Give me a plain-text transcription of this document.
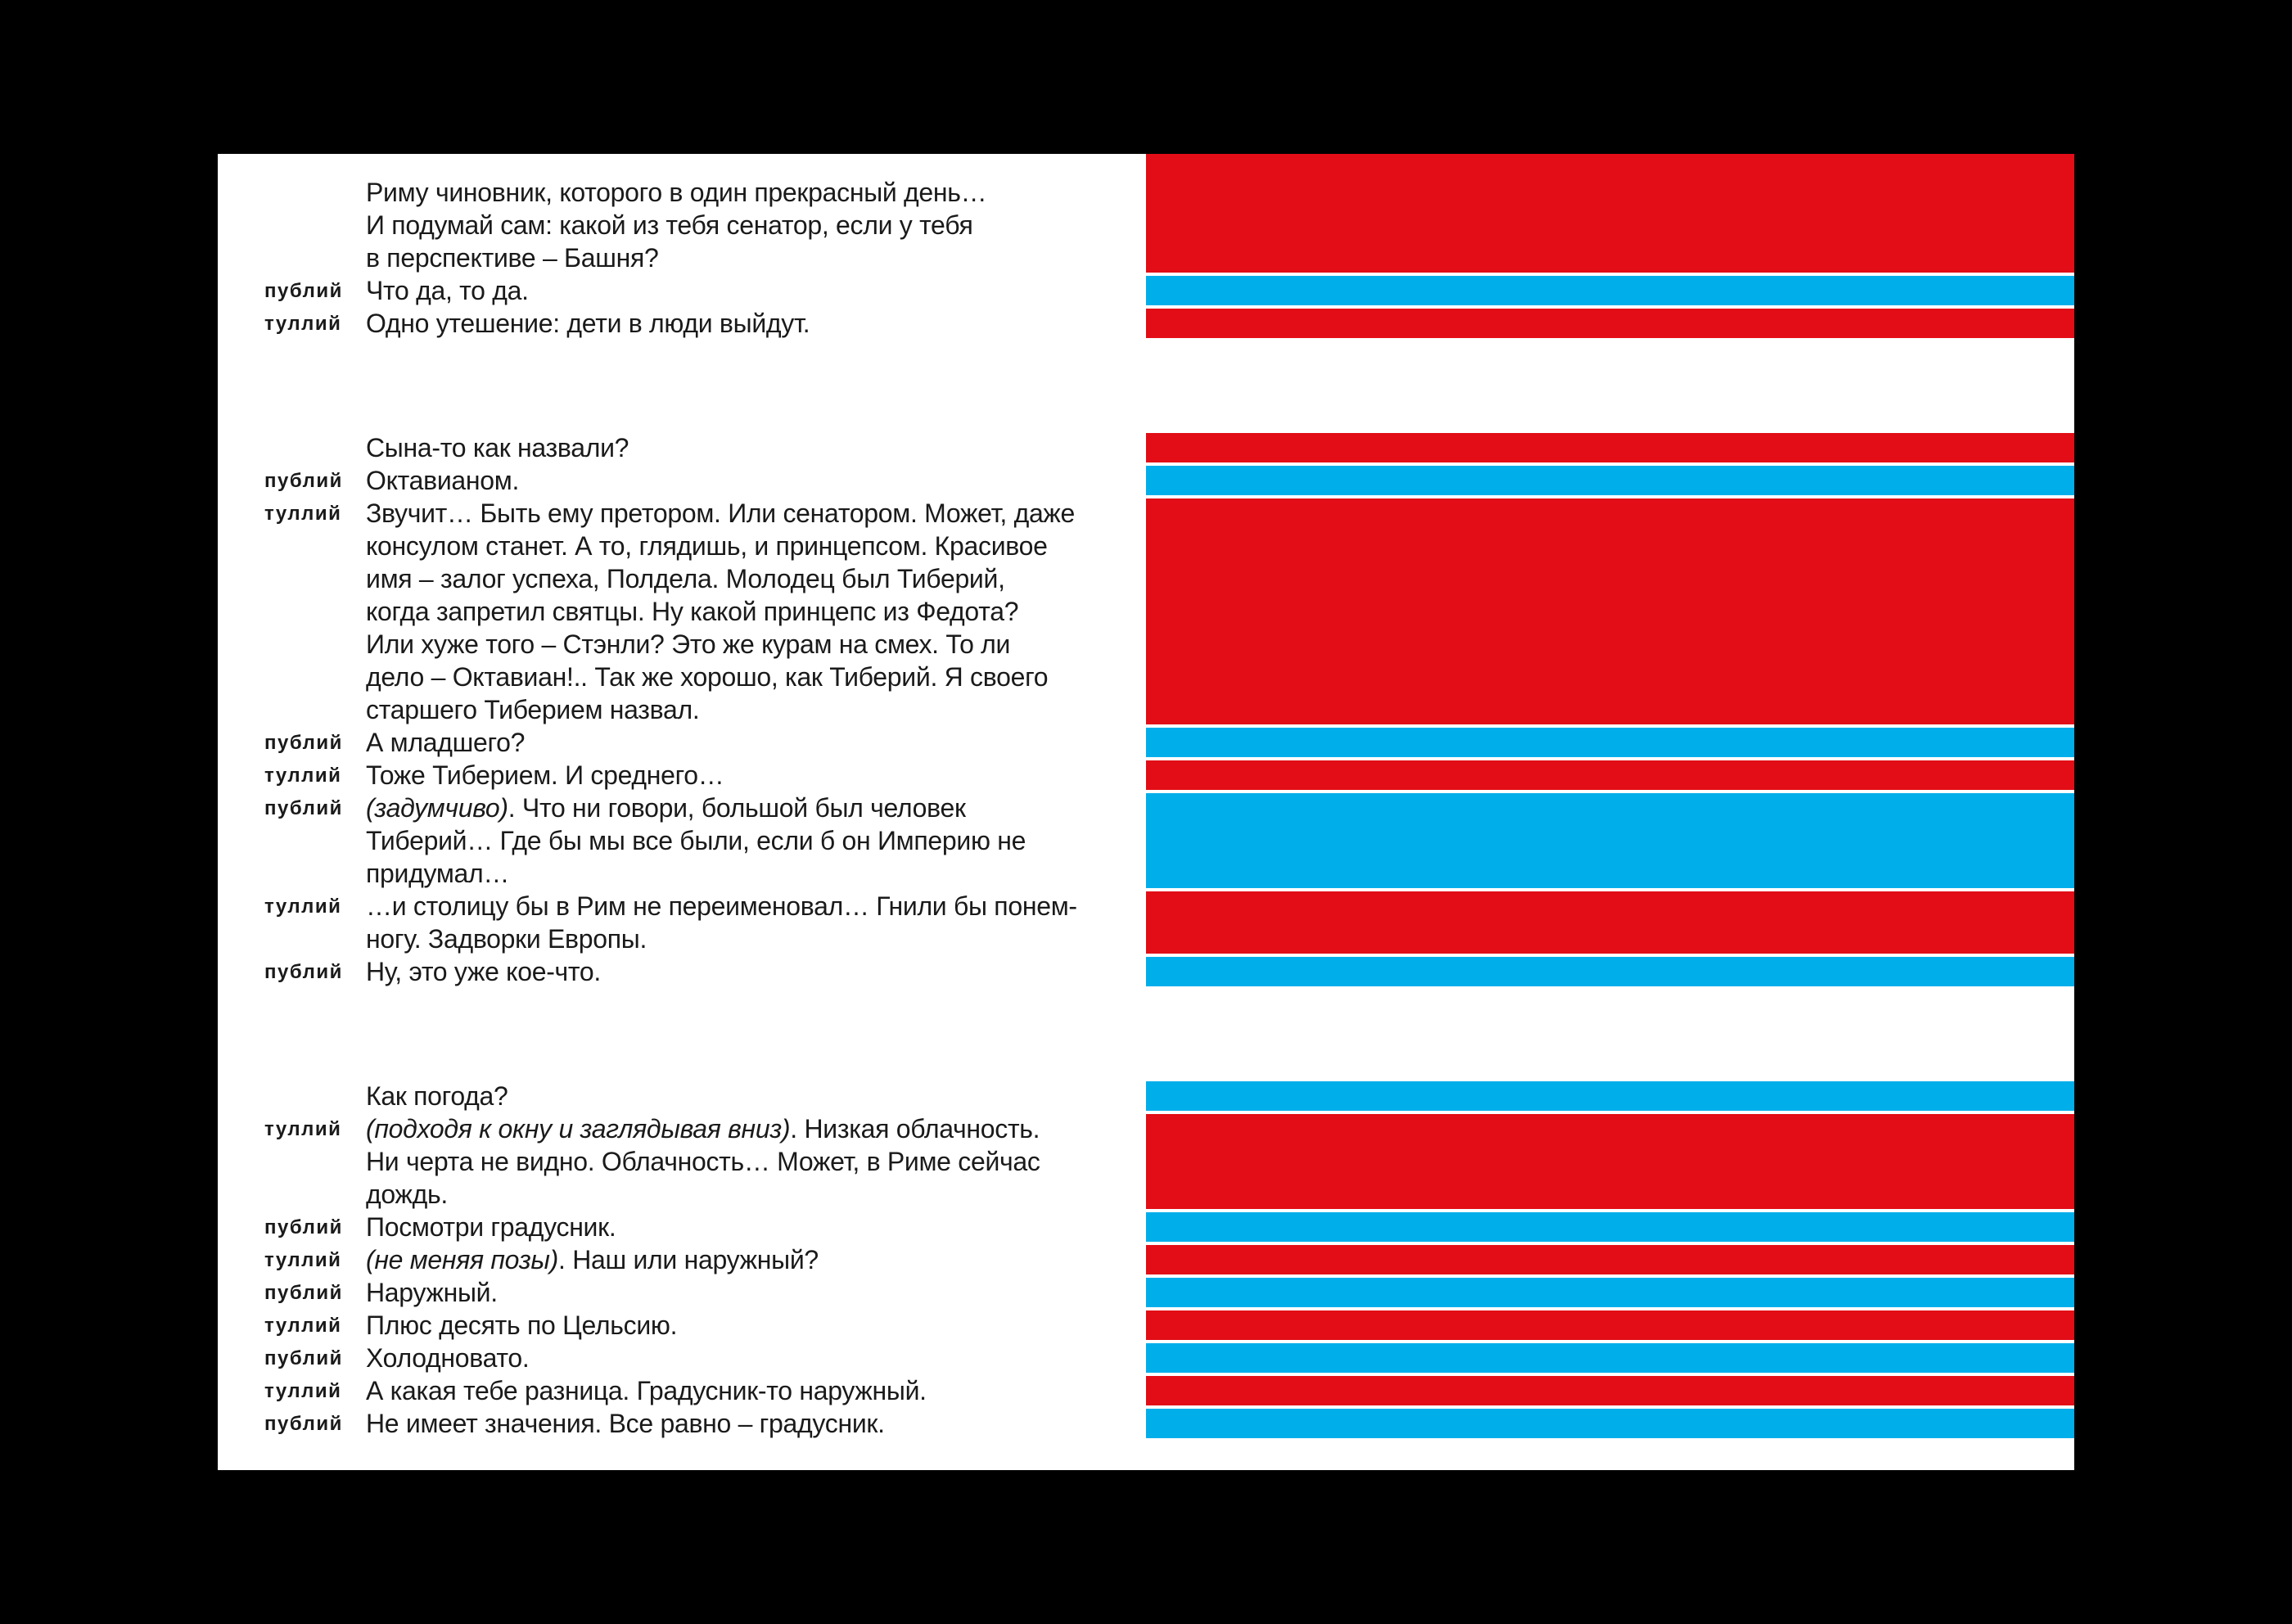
Риму чиновник, которого в один прекрасный день…
И подумай сам: какой из тебя сенатор, если у тебя
в перспективе – Башня?
публий Что да, то да.
туллий Одно утешение: дети в люди выйдут.
Сына-то как назвали?
публий Октавианом.
туллий Звучит… Быть ему претором. Или сенатором. Может, даже
консулом станет. А то, глядишь, и принцепсом. Красивое
имя – залог успеха, Полдела. Молодец был Тиберий,
когда запретил святцы. Ну какой принцепс из Федота?
Или хуже того – Стэнли? Это же курам на смех. То ли
дело – Октавиан!.. Так же хорошо, как Тиберий. Я своего
старшего Тиберием назвал.
публий А младшего?
туллий Тоже Тиберием. И среднего…
публий (задумчиво). Что ни говори, большой был человек
Тиберий… Где бы мы все были, если б он Империю не
придумал…
туллий …и столицу бы в Рим не переименовал… Гнили бы понем-
ногу. Задворки Европы.
публий Ну, это уже кое-что.
Как погода?
туллий (подходя к окну и заглядывая вниз). Низкая облачность.
Ни черта не видно. Облачность… Может, в Риме сейчас
дождь.
публий Посмотри градусник.
туллий (не меняя позы). Наш или наружный?
публий Наружный.
туллий Плюс десять по Цельсию.
публий Холодновато.
туллий А какая тебе разница. Градусник-то наружный.
публий Не имеет значения. Все равно – градусник.
